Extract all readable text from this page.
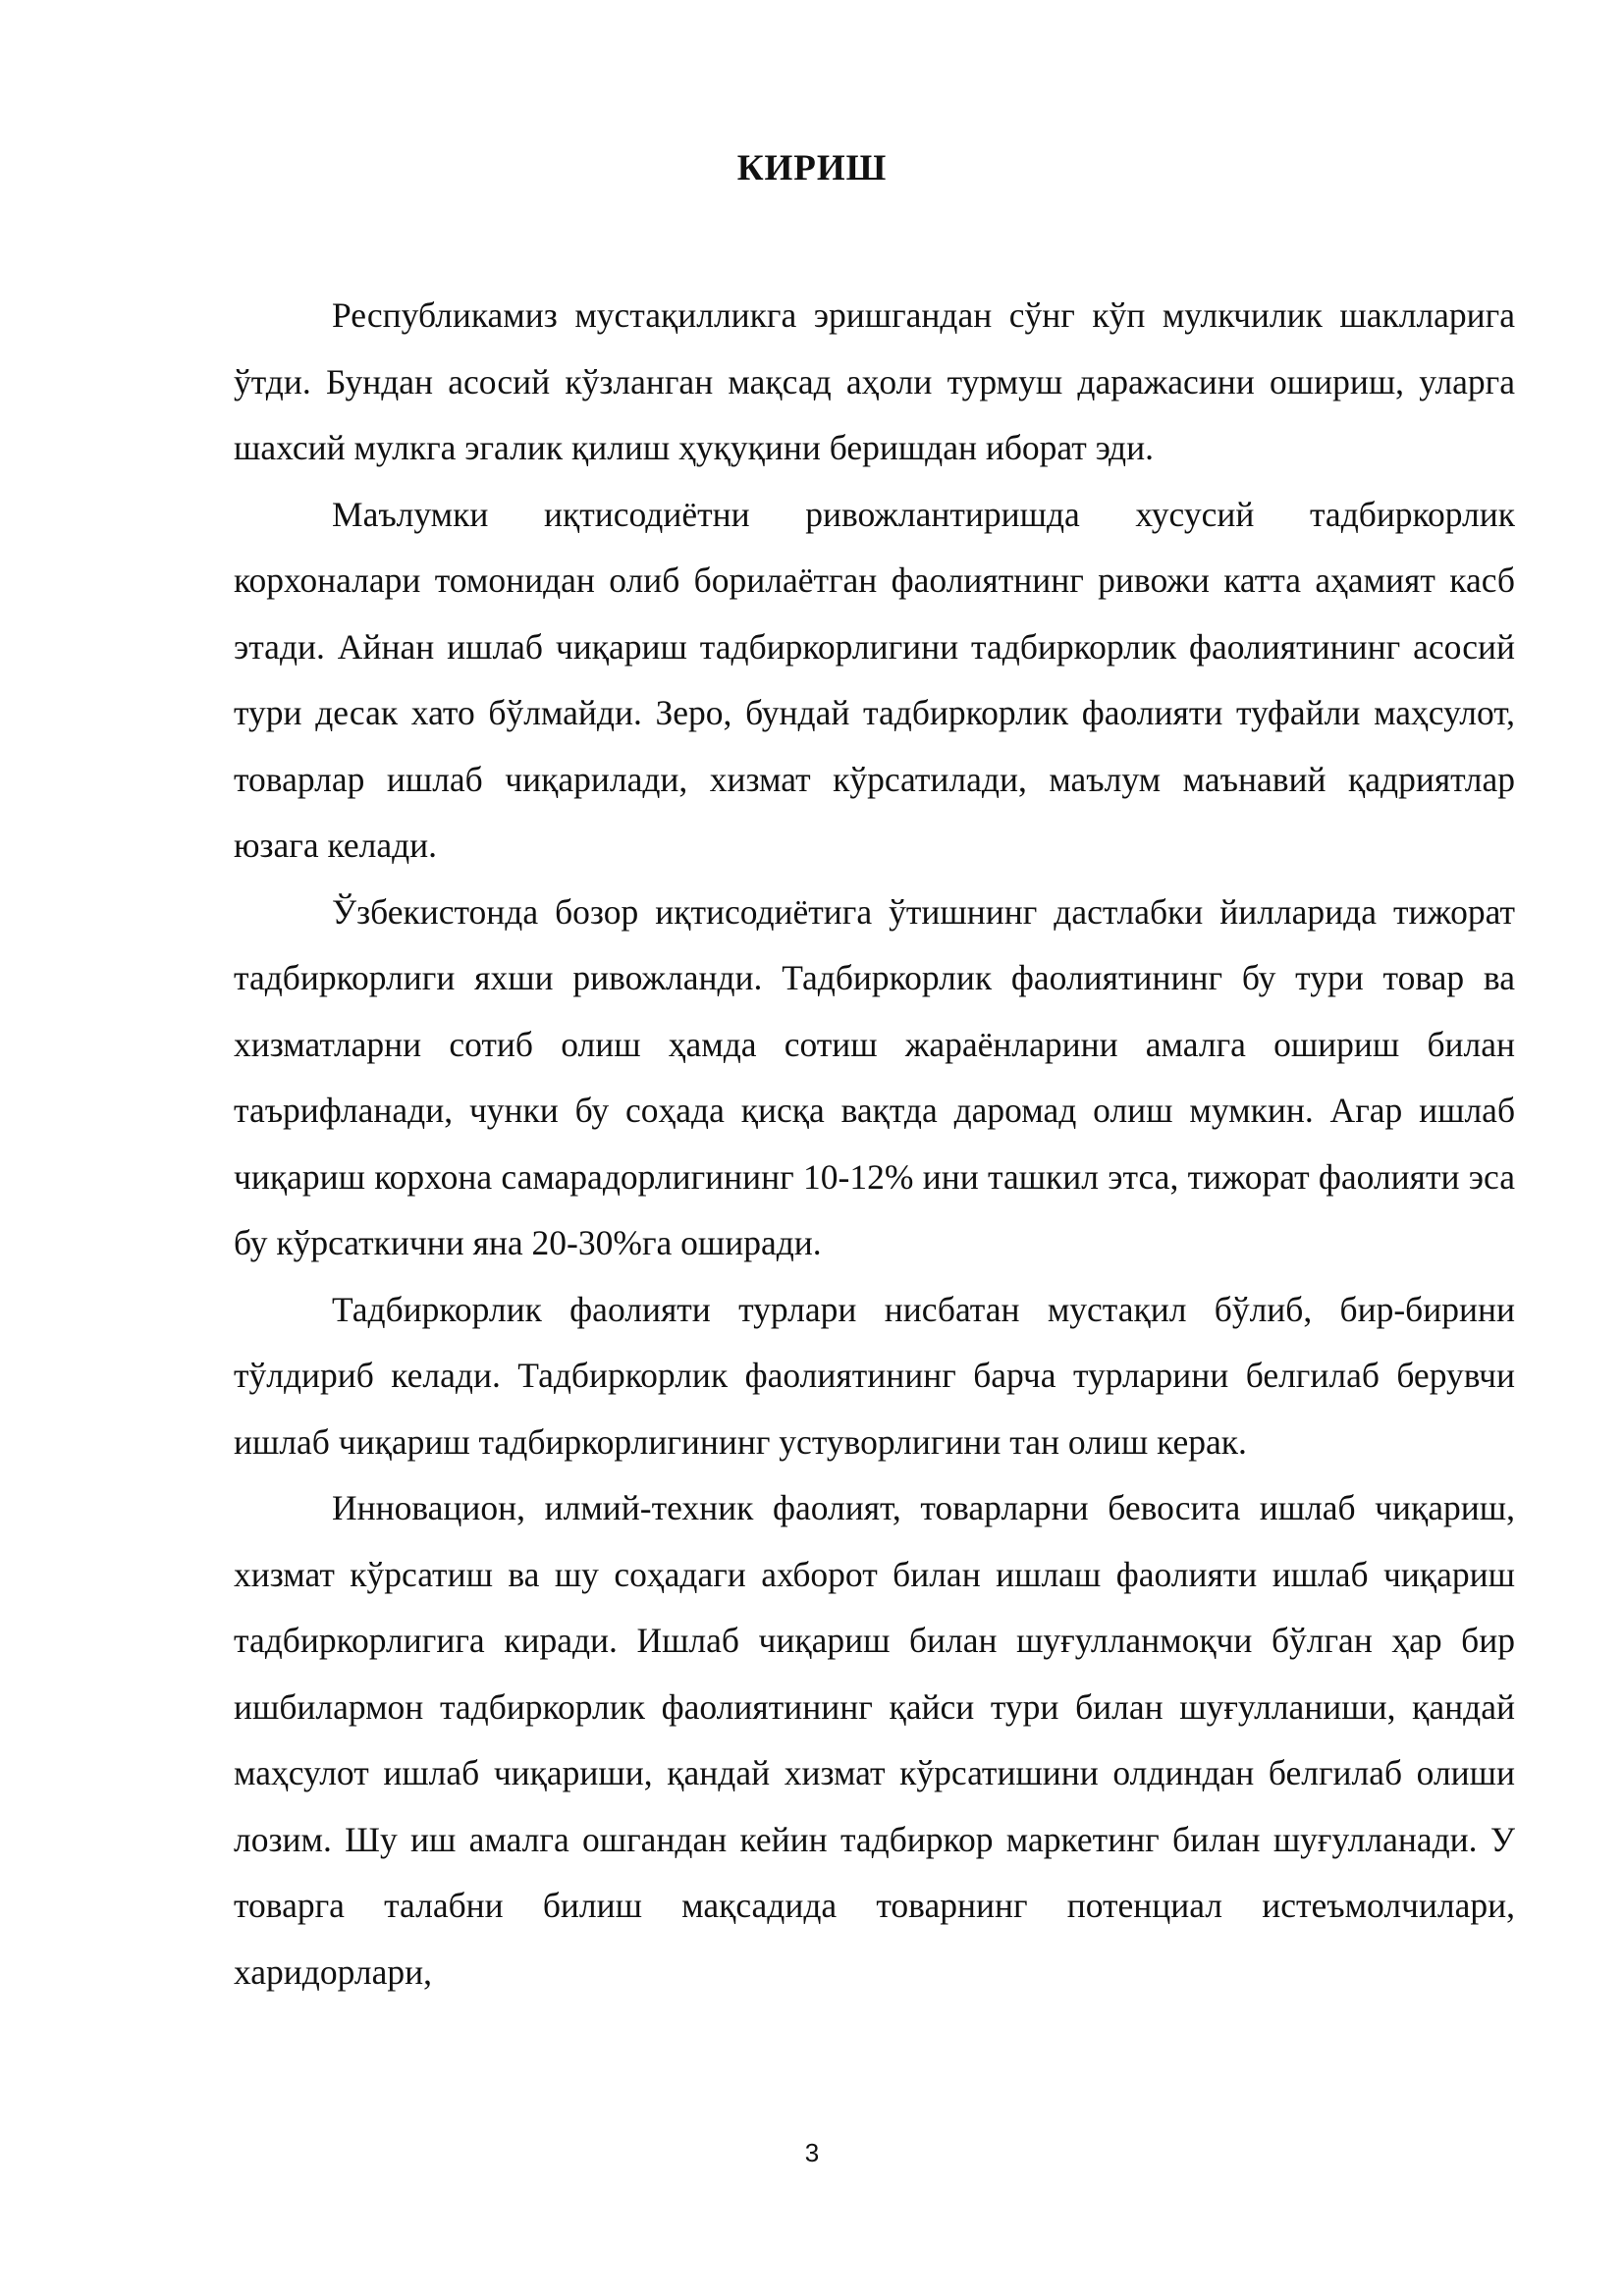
КИРИШ

Республикамиз мустақилликга эришгандан сўнг кўп мулкчилик шаклларига ўтди. Бундан асосий кўзланган мақсад аҳоли турмуш даражасини ошириш, уларга шахсий мулкга эгалик қилиш ҳуқуқини беришдан иборат эди.

Маълумки иқтисодиётни ривожлантиришда хусусий тадбиркорлик корхоналари томонидан олиб борилаётган фаолиятнинг ривожи катта аҳамият касб этади. Айнан ишлаб чиқариш тадбиркорлигини тадбиркорлик фаолиятининг асосий тури десак хато бўлмайди. Зеро, бундай тадбиркорлик фаолияти туфайли маҳсулот, товарлар ишлаб чиқарилади, хизмат кўрсатилади, маълум маънавий қадриятлар юзага келади.

Ўзбекистонда бозор иқтисодиётига ўтишнинг дастлабки йилларида тижорат тадбиркорлиги яхши ривожланди. Тадбиркорлик фаолиятининг бу тури товар ва хизматларни сотиб олиш ҳамда сотиш жараёнларини амалга ошириш билан таърифланади, чунки бу соҳада қисқа вақтда даромад олиш мумкин. Агар ишлаб чиқариш корхона самарадорлигининг 10-12% ини ташкил этса, тижорат фаолияти эса бу кўрсаткични яна 20-30%га оширади.

Тадбиркорлик фаолияти турлари нисбатан мустақил бўлиб, бир-бирини тўлдириб келади. Тадбиркорлик фаолиятининг барча турларини белгилаб берувчи ишлаб чиқариш тадбиркорлигининг устуворлигини тан олиш керак.

Инновацион, илмий-техник фаолият, товарларни бевосита ишлаб чиқариш, хизмат кўрсатиш ва шу соҳадаги ахборот билан ишлаш фаолияти ишлаб чиқариш тадбиркорлигига киради. Ишлаб чиқариш билан шуғулланмоқчи бўлган ҳар бир ишбилармон тадбиркорлик фаолиятининг қайси тури билан шуғулланиши, қандай маҳсулот ишлаб чиқариши, қандай хизмат кўрсатишини олдиндан белгилаб олиши лозим. Шу иш амалга ошгандан кейин тадбиркор маркетинг билан шуғулланади. У товарга талабни билиш мақсадида товарнинг потенциал истеъмолчилари, харидорлари,

3
